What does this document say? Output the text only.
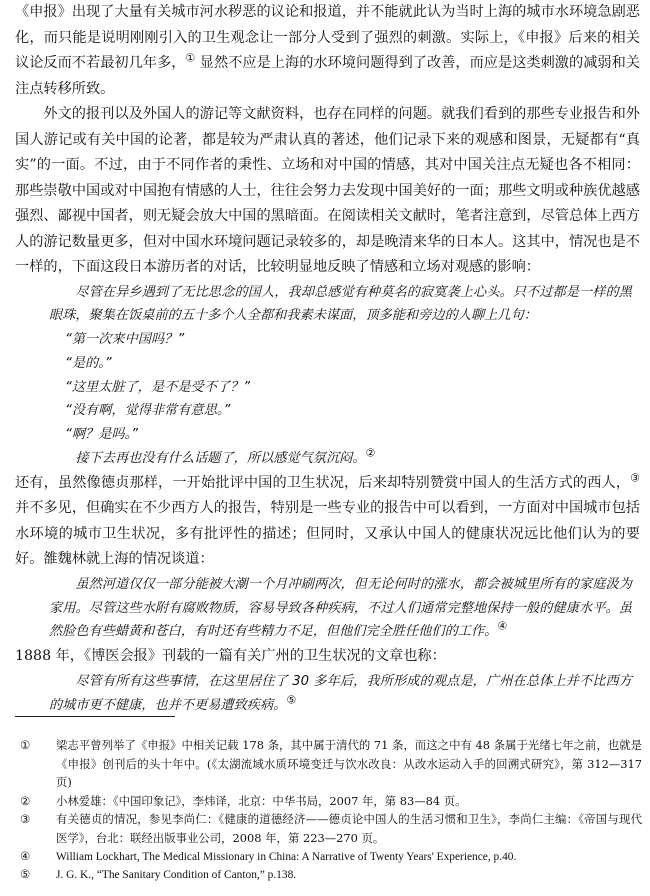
《申报》出现了大量有关城市河水秽恶的议论和报道，并不能就此认为当时上海的城市水环境急剧恶化，而只能是说明刚刚引入的卫生观念让一部分人受到了强烈的刺激。实际上，《申报》后来的相关议论反而不若最初几年多，① 显然不应是上海的水环境问题得到了改善，而应是这类刺激的减弱和关注点转移所致。

外文的报刊以及外国人的游记等文献资料，也存在同样的问题。就我们看到的那些专业报告和外国人游记或有关中国的论著，都是较为严肃认真的著述，他们记录下来的观感和图景，无疑都有“真实”的一面。不过，由于不同作者的秉性、立场和对中国的情感，其对中国关注点无疑也各不相同：那些崇敬中国或对中国抱有情感的人士，往往会努力去发现中国美好的一面；那些文明或种族优越感强烈、鄙视中国者，则无疑会放大中国的黑暗面。在阅读相关文献时，笔者注意到，尽管总体上西方人的游记数量更多，但对中国水环境问题记录较多的，却是晚清来华的日本人。这其中，情况也是不一样的，下面这段日本游历者的对话，比较明显地反映了情感和立场对观感的影响：

尽管在异乡遇到了无比思念的国人，我却总感觉有种莫名的寂寞袭上心头。只不过都是一样的黑眼珠，聚集在饭桌前的五十多个人全都和我素未谋面，顶多能和旁边的人聊上几句：

“第一次来中国吗？”

“是的。”

“这里太脏了，是不是受不了？”

“没有啊，觉得非常有意思。”

“啊？是吗。”

接下去再也没有什么话题了，所以感觉气氛沉闷。②

还有，虽然像德贞那样，一开始批评中国的卫生状况，后来却特别赞赏中国人的生活方式的西人，③ 并不多见，但确实在不少西方人的报告，特别是一些专业的报告中可以看到，一方面对中国城市包括水环境的城市卫生状况，多有批评性的描述；但同时，又承认中国人的健康状况远比他们认为的要好。雒魏林就上海的情况谈道：

虽然河道仅仅一部分能被大潮一个月冲刷两次，但无论何时的涨水，都会被城里所有的家庭汲为家用。尽管这些水附有腐败物质，容易导致各种疾病，不过人们通常完整地保持一般的健康水平。虽然脸色有些蜡黄和苍白，有时还有些精力不足，但他们完全胜任他们的工作。④

1888 年，《博医会报》刊载的一篇有关广州的卫生状况的文章也称：

尽管有所有这些事情，在这里居住了 30 多年后，我所形成的观点是，广州在总体上并不比西方的城市更不健康，也并不更易遭致疾病。⑤

①	梁志平曾列举了《申报》中相关记载 178 条，其中属于清代的 71 条，而这之中有 48 条属于光绪七年之前，也就是《申报》创刊后的头十年中。(《太湖流域水质环境变迁与饮水改良：从改水运动入手的回溯式研究》，第 312—317 页)

②	小林爱雄：《中国印象记》，李炜译，北京：中华书局，2007 年，第 83—84 页。

③	有关德贞的情况，参见李尚仁：《健康的道德经济——德贞论中国人的生活习惯和卫生》，李尚仁主编：《帝国与现代医学》，台北：联经出版事业公司，2008 年，第 223—270 页。

④	William Lockhart, The Medical Missionary in China: A Narrative of Twenty Years' Experience, p.40.

⑤	J. G. K., “The Sanitary Condition of Canton,” p.138.
